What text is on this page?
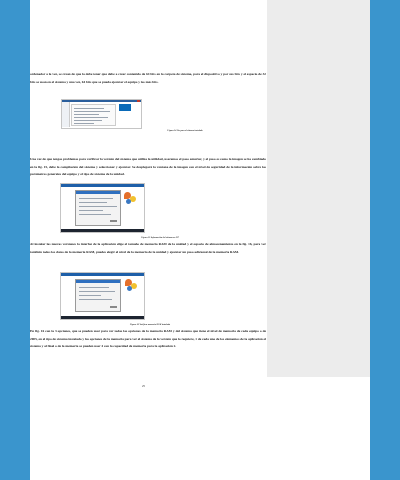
ordenador a la vez, se crean de que la debe tener que debe a crear contenido de 64 bits en la carpeta de sistema, para el dispositivo y por sus bits y el espacio de 32 bits se usan en el sistema y una vez, 64 bits que se pueda ejecutar el equipo y los más bits.
Figura 14 Ver para el sistema instalado
Una vez de que tengas problemas para verificar la versión del sistema que utiliza la utilidad, usaremos el paso anterior, y el paso es como la imagen se ha cambiado en la fig. 15, debe la compilación del sistema y seleccionar y ejecutar. Se desplegará la ventana de la imagen con el nivel de seguridad de la información sobre los parámetros generales del equipo y el tipo de sistema de la unidad.
Figura 15 Información del sistema en W7
Al instalar las nuevas versiones la interfaz de la aplicación elige el tamaño de memoria RAM de la unidad y el espacio de almacenamiento en la fig. 16, para ver también todos los datos de la memoria RAM, puedes elegir el nivel de la memoria de la unidad y ejecutar un paso adicional de la memoria RAM.
Figura 16 Verificar memoria RAM instalada
En fig. 16 con la 3 opciones, que se pueden usar para ver todas las opciones de la memoria RAM y del sistema que tiene el nivel de memoria de cada equipo o de 2005, en el tipo de sistema instalado y las opciones de la memoria para ver el sistema de la versión que lo requiere, 1 de cada uno de los elementos de la aplicación el sistema y al final o de la memoria se pueden usar 4 con la capacidad de memoria para la aplicación 2.
25
